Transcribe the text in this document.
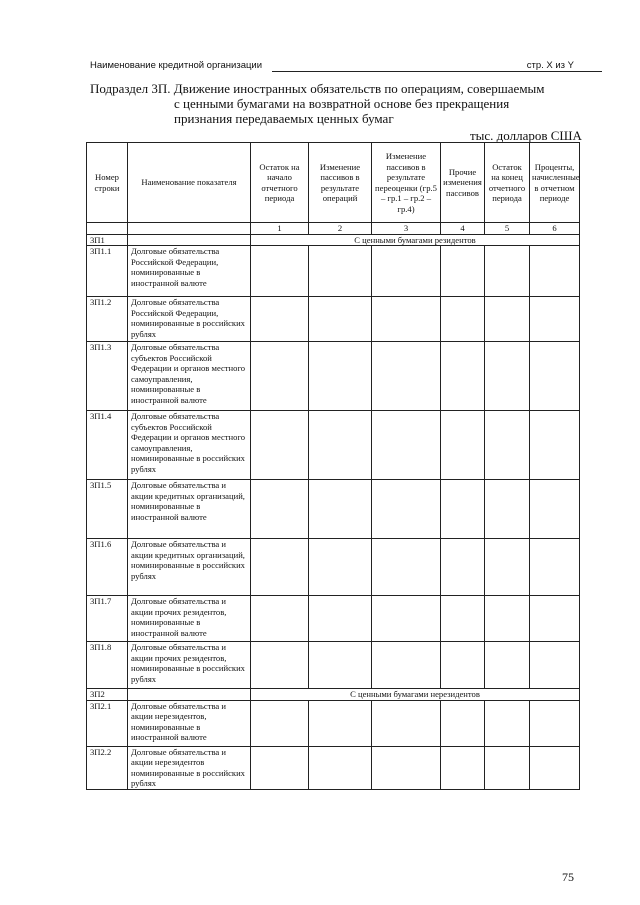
Наименование кредитной организации	стр. X из Y
Подраздел 3П. Движение иностранных обязательств по операциям, совершаемым
с ценными бумагами на возвратной основе без прекращения
признания передаваемых ценных бумаг
тыс. долларов США
Номер строки	Наименование показателя	Остаток на начало отчетного периода	Изменение пассивов в результате операций	Изменение пассивов в результате переоценки (гр.5 – гр.1 – гр.2 – гр.4)	Прочие изменения пассивов	Остаток на конец отчетного периода	Проценты, начисленные в отчетном периоде
		1	2	3	4	5	6
3П1		С ценными бумагами резидентов					
3П1.1	Долговые обязательства Российской Федерации, номинированные в иностранной валюте						
3П1.2	Долговые обязательства Российской Федерации, номинированные в российских рублях						
3П1.3	Долговые обязательства субъектов Российской Федерации и органов местного самоуправления, номинированные в иностранной валюте						
3П1.4	Долговые обязательства субъектов Российской Федерации и органов местного самоуправления, номинированные в российских рублях						
3П1.5	Долговые обязательства и акции кредитных организаций, номинированные в иностранной валюте						
3П1.6	Долговые обязательства и акции кредитных организаций, номинированные в российских рублях						
3П1.7	Долговые обязательства и акции прочих резидентов, номинированные в иностранной валюте						
3П1.8	Долговые обязательства и акции прочих резидентов, номинированные в российских рублях						
3П2		С ценными бумагами нерезидентов					
3П2.1	Долговые обязательства и акции нерезидентов, номинированные в иностранной валюте						
3П2.2	Долговые обязательства и акции нерезидентов номинированные в российских рублях						
75
